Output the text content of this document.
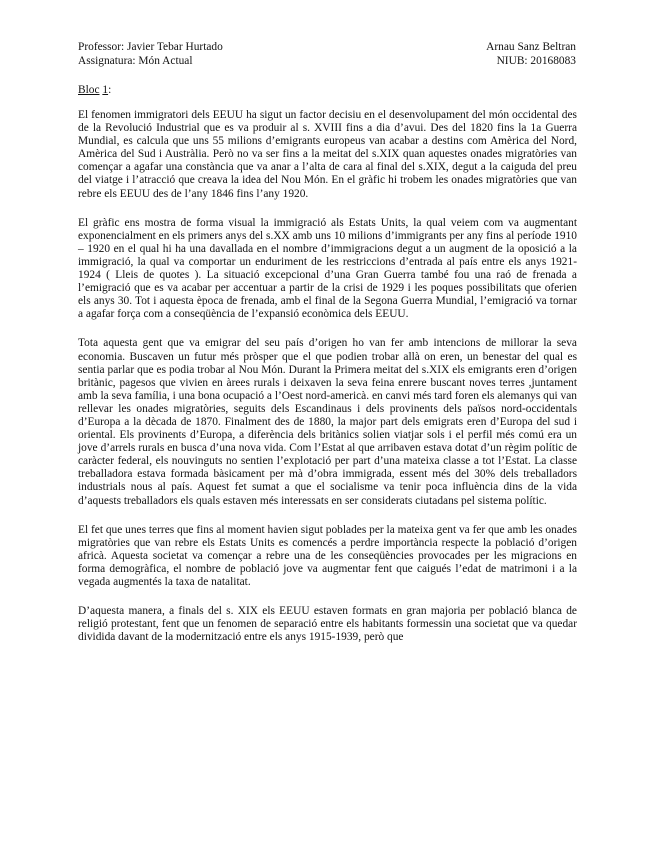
Professor: Javier Tebar Hurtado
Assignatura: Món Actual
Arnau Sanz Beltran
NIUB: 20168083
Bloc 1:

El fenomen immigratori dels EEUU ha sigut un factor decisiu en el desenvolupament del món occidental des de la Revolució Industrial que es va produir al s. XVIII fins a dia d’avui. Des del 1820 fins la 1a Guerra Mundial, es calcula que uns 55 milions d’emigrants europeus van acabar a destins com Amèrica del Nord, Amèrica del Sud i Austràlia. Però no va ser fins a la meitat del s.XIX quan aquestes onades migratòries van començar a agafar una constància que va anar a l’alta de cara al final del s.XIX, degut a la caiguda del preu del viatge i l’atracció que creava la idea del Nou Món. En el gràfic hi trobem les onades migratòries que van rebre els EEUU des de l’any 1846 fins l’any 1920.

El gràfic ens mostra de forma visual la immigració als Estats Units, la qual veiem com va augmentant exponencialment en els primers anys del s.XX amb uns 10 milions d’immigrants per any fins al període 1910 – 1920 en el qual hi ha una davallada en el nombre d’immigracions degut a un augment de la oposició a la immigració, la qual va comportar un enduriment de les restriccions d’entrada al país entre els anys 1921-1924 ( Lleis de quotes ). La situació excepcional d’una Gran Guerra també fou una raó de frenada a l’emigració que es va acabar per accentuar a partir de la crisi de 1929 i les poques possibilitats que oferien els anys 30. Tot i aquesta època de frenada, amb el final de la Segona Guerra Mundial, l’emigració va tornar a agafar força com a conseqüència de l’expansió econòmica dels EEUU.

Tota aquesta gent que va emigrar del seu país d’origen ho van fer amb intencions de millorar la seva economia. Buscaven un futur més pròsper que el que podien trobar allà on eren, un benestar del qual es sentia parlar que es podia trobar al Nou Món. Durant la Primera meitat del s.XIX els emigrants eren d’origen britànic, pagesos que vivien en àrees rurals i deixaven la seva feina enrere buscant noves terres ,juntament amb la seva família, i una bona ocupació a l’Oest nord-americà. en canvi més tard foren els alemanys qui van rellevar les onades migratòries, seguits dels Escandinaus i dels provinents dels països nord-occidentals d’Europa a la dècada de 1870. Finalment des de 1880, la major part dels emigrats eren d’Europa del sud i oriental. Els provinents d’Europa, a diferència dels britànics solien viatjar sols i el perfil més comú era un jove d’arrels rurals en busca d’una nova vida. Com l’Estat al que arribaven estava dotat d’un règim polític de caràcter federal, els nouvinguts no sentien l’explotació per part d’una mateixa classe a tot l’Estat. La classe treballadora estava formada bàsicament per mà d’obra immigrada, essent més del 30% dels treballadors industrials nous al país. Aquest fet sumat a que el socialisme va tenir poca influència dins de la vida d’aquests treballadors els quals estaven més interessats en ser considerats ciutadans pel sistema polític.

El fet que unes terres que fins al moment havien sigut poblades per la mateixa gent va fer que amb les onades migratòries que van rebre els Estats Units es comencés a perdre importància respecte la població d’origen africà. Aquesta societat va començar a rebre una de les conseqüències provocades per les migracions en forma demogràfica, el nombre de població jove va augmentar fent que caigués l’edat de matrimoni i a la vegada augmentés la taxa de natalitat.

D’aquesta manera, a finals del s. XIX els EEUU estaven formats en gran majoria per població blanca de religió protestant, fent que un fenomen de separació entre els habitants formessin una societat que va quedar dividida davant de la modernització entre els anys 1915-1939, però que
